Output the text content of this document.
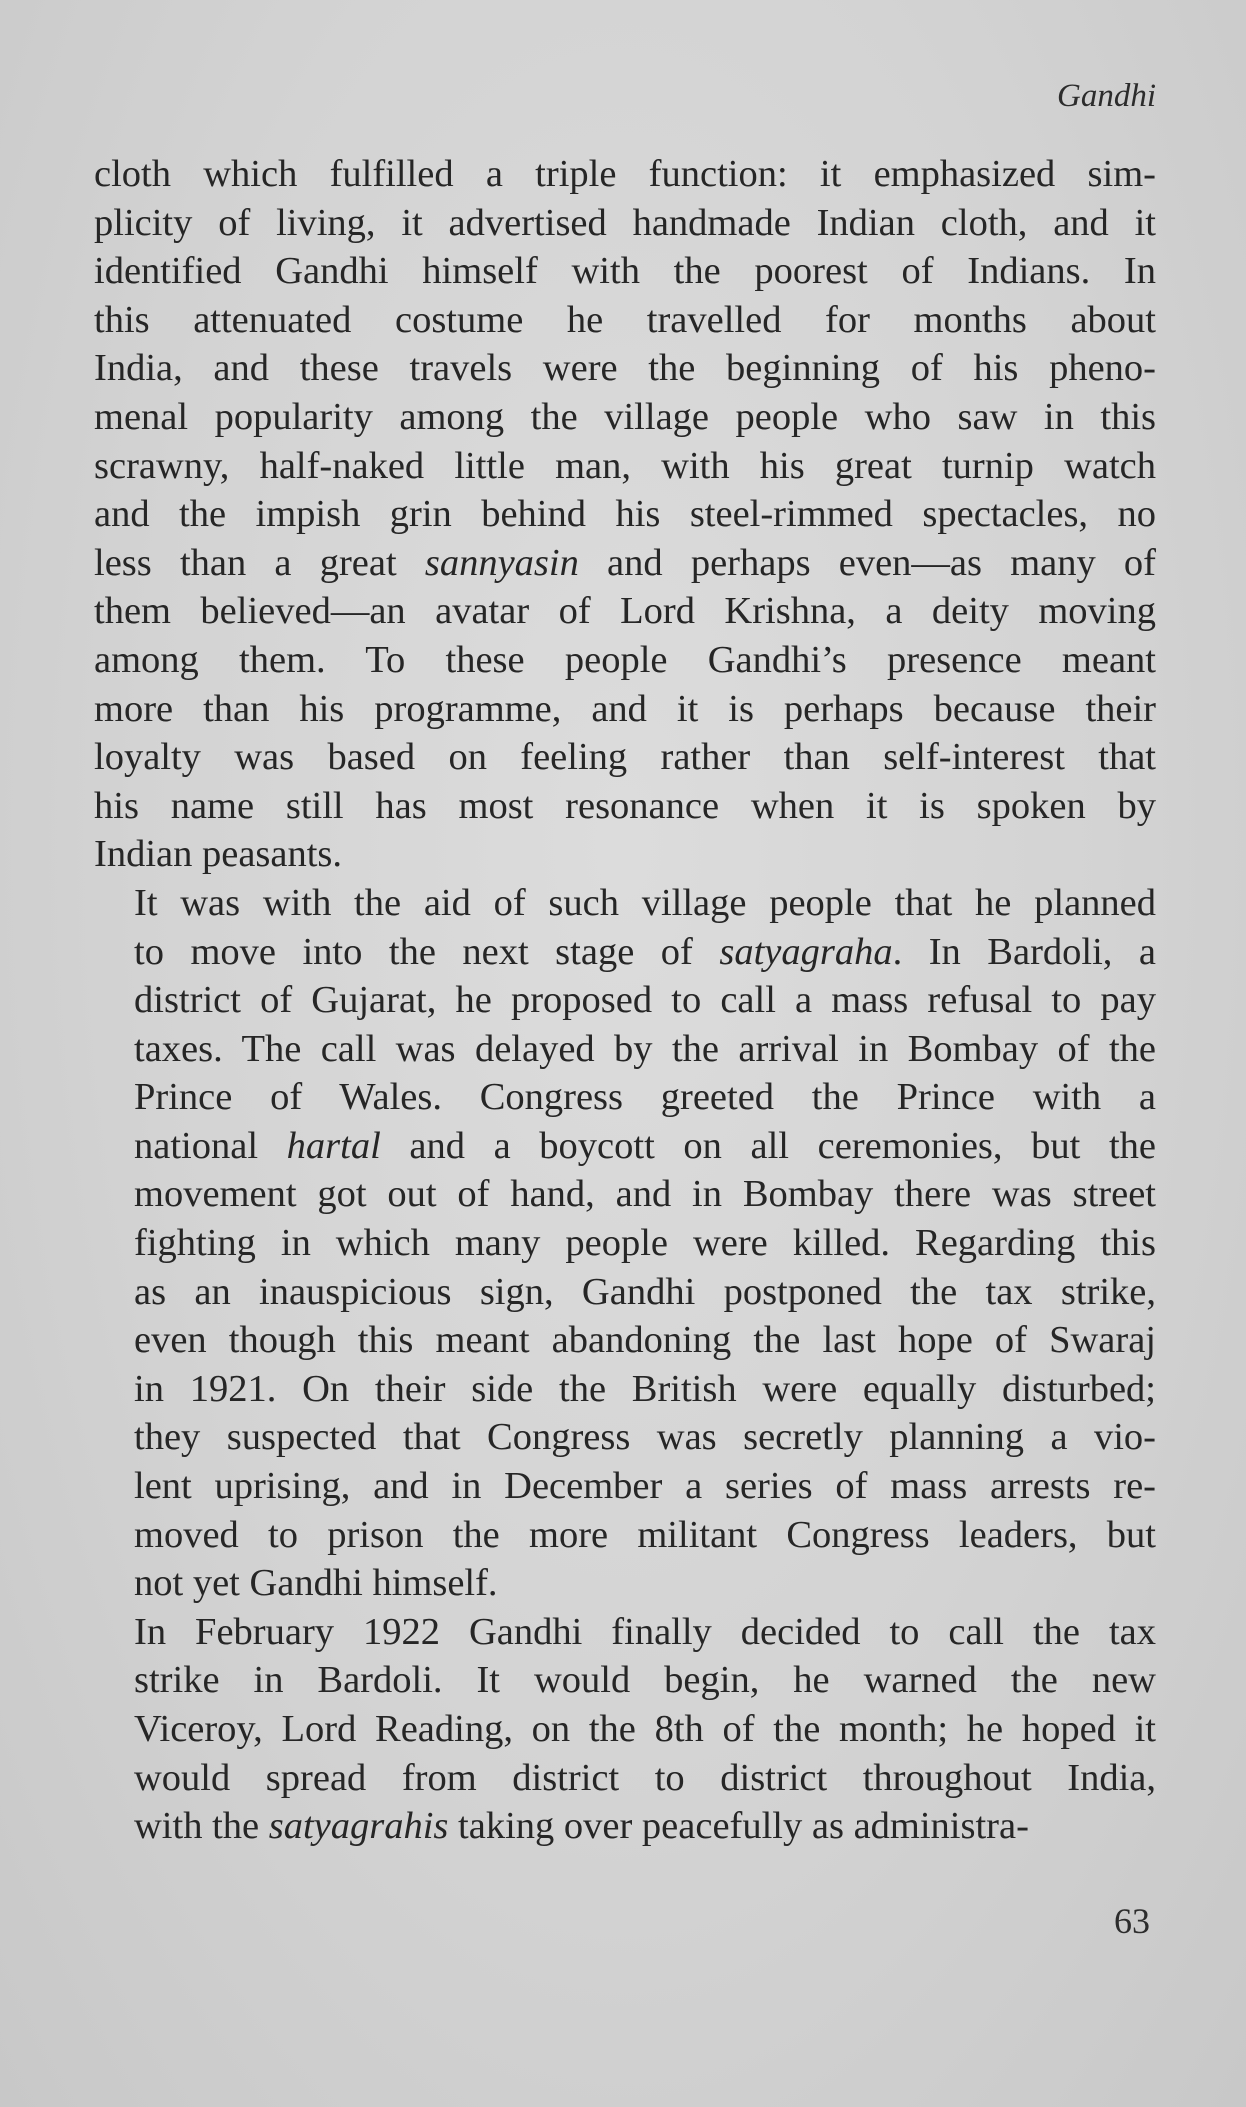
Gandhi

cloth which fulfilled a triple function: it emphasized sim-
plicity of living, it advertised handmade Indian cloth, and it
identified Gandhi himself with the poorest of Indians. In
this attenuated costume he travelled for months about
India, and these travels were the beginning of his pheno-
menal popularity among the village people who saw in this
scrawny, half-naked little man, with his great turnip watch
and the impish grin behind his steel-rimmed spectacles, no
less than a great sannyasin and perhaps even—as many of
them believed—an avatar of Lord Krishna, a deity moving
among them. To these people Gandhi’s presence meant
more than his programme, and it is perhaps because their
loyalty was based on feeling rather than self-interest that
his name still has most resonance when it is spoken by
Indian peasants.

It was with the aid of such village people that he planned
to move into the next stage of satyagraha. In Bardoli, a
district of Gujarat, he proposed to call a mass refusal to pay
taxes. The call was delayed by the arrival in Bombay of the
Prince of Wales. Congress greeted the Prince with a
national hartal and a boycott on all ceremonies, but the
movement got out of hand, and in Bombay there was street
fighting in which many people were killed. Regarding this
as an inauspicious sign, Gandhi postponed the tax strike,
even though this meant abandoning the last hope of Swaraj
in 1921. On their side the British were equally disturbed;
they suspected that Congress was secretly planning a vio-
lent uprising, and in December a series of mass arrests re-
moved to prison the more militant Congress leaders, but
not yet Gandhi himself.

In February 1922 Gandhi finally decided to call the tax
strike in Bardoli. It would begin, he warned the new
Viceroy, Lord Reading, on the 8th of the month; he hoped it
would spread from district to district throughout India,
with the satyagrahis taking over peacefully as administra-

63
